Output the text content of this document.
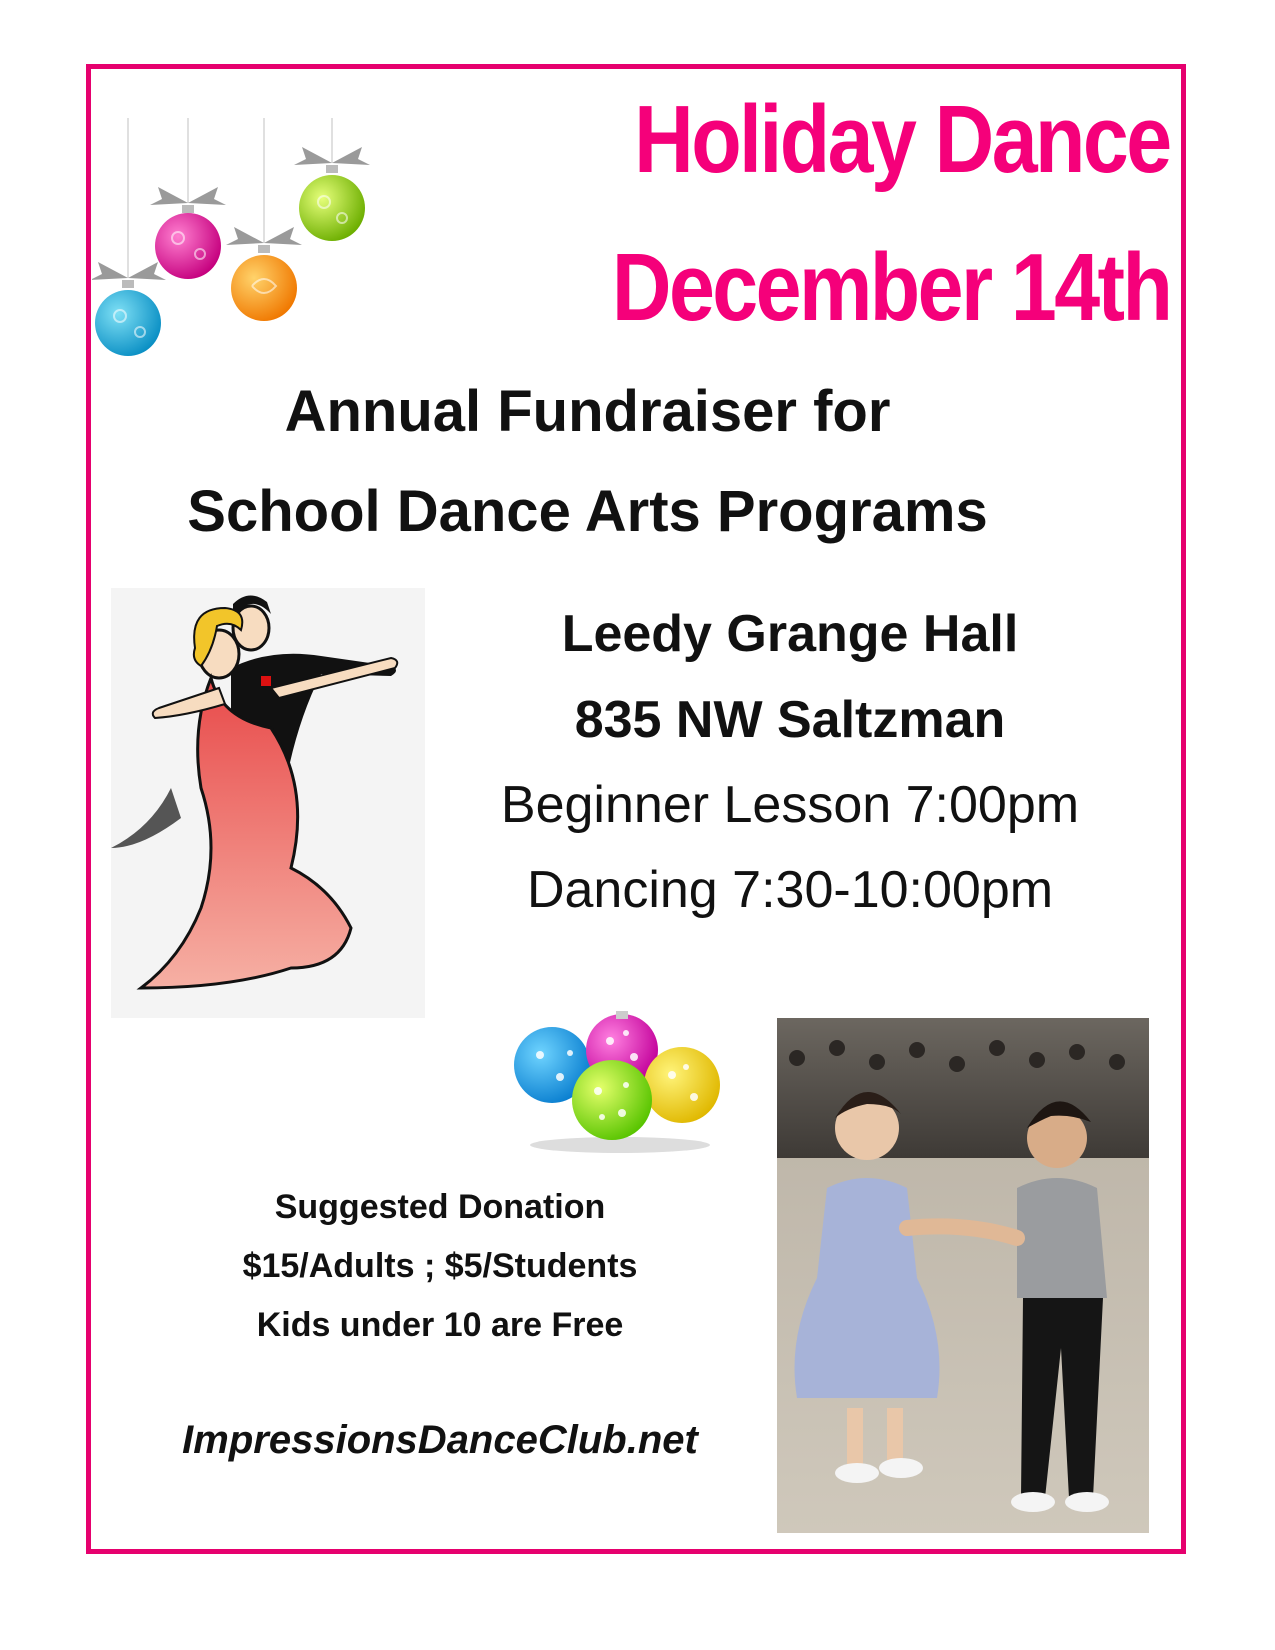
Holiday Dance
December 14th
Annual Fundraiser for
School Dance Arts Programs
Leedy Grange Hall
835 NW Saltzman
Beginner Lesson 7:00pm
Dancing 7:30-10:00pm
Suggested Donation
$15/Adults ; $5/Students
Kids under 10 are Free
ImpressionsDanceClub.net
